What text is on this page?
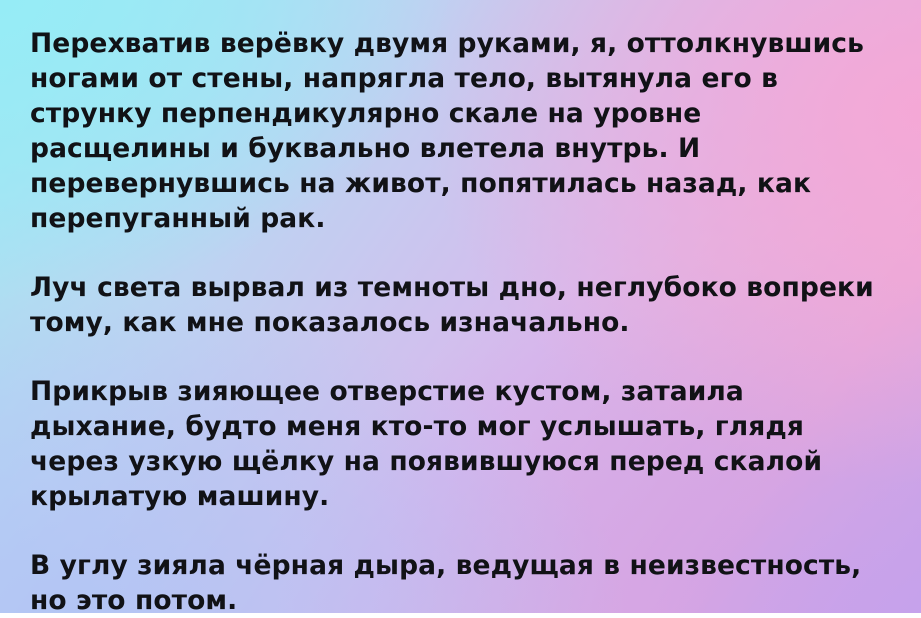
Перехватив верёвку двумя руками, я, оттолкнувшись ногами от стены, напрягла тело, вытянула его в струнку перпендикулярно скале на уровне расщелины и буквально влетела внутрь. И перевернувшись на живот, попятилась назад, как перепуганный рак.

Луч света вырвал из темноты дно, неглубоко вопреки тому, как мне показалось изначально.

Прикрыв зияющее отверстие кустом, затаила дыхание, будто меня кто-то мог услышать, глядя через узкую щёлку на появившуюся перед скалой крылатую машину.

В углу зияла чёрная дыра, ведущая в неизвестность, но это потом.
